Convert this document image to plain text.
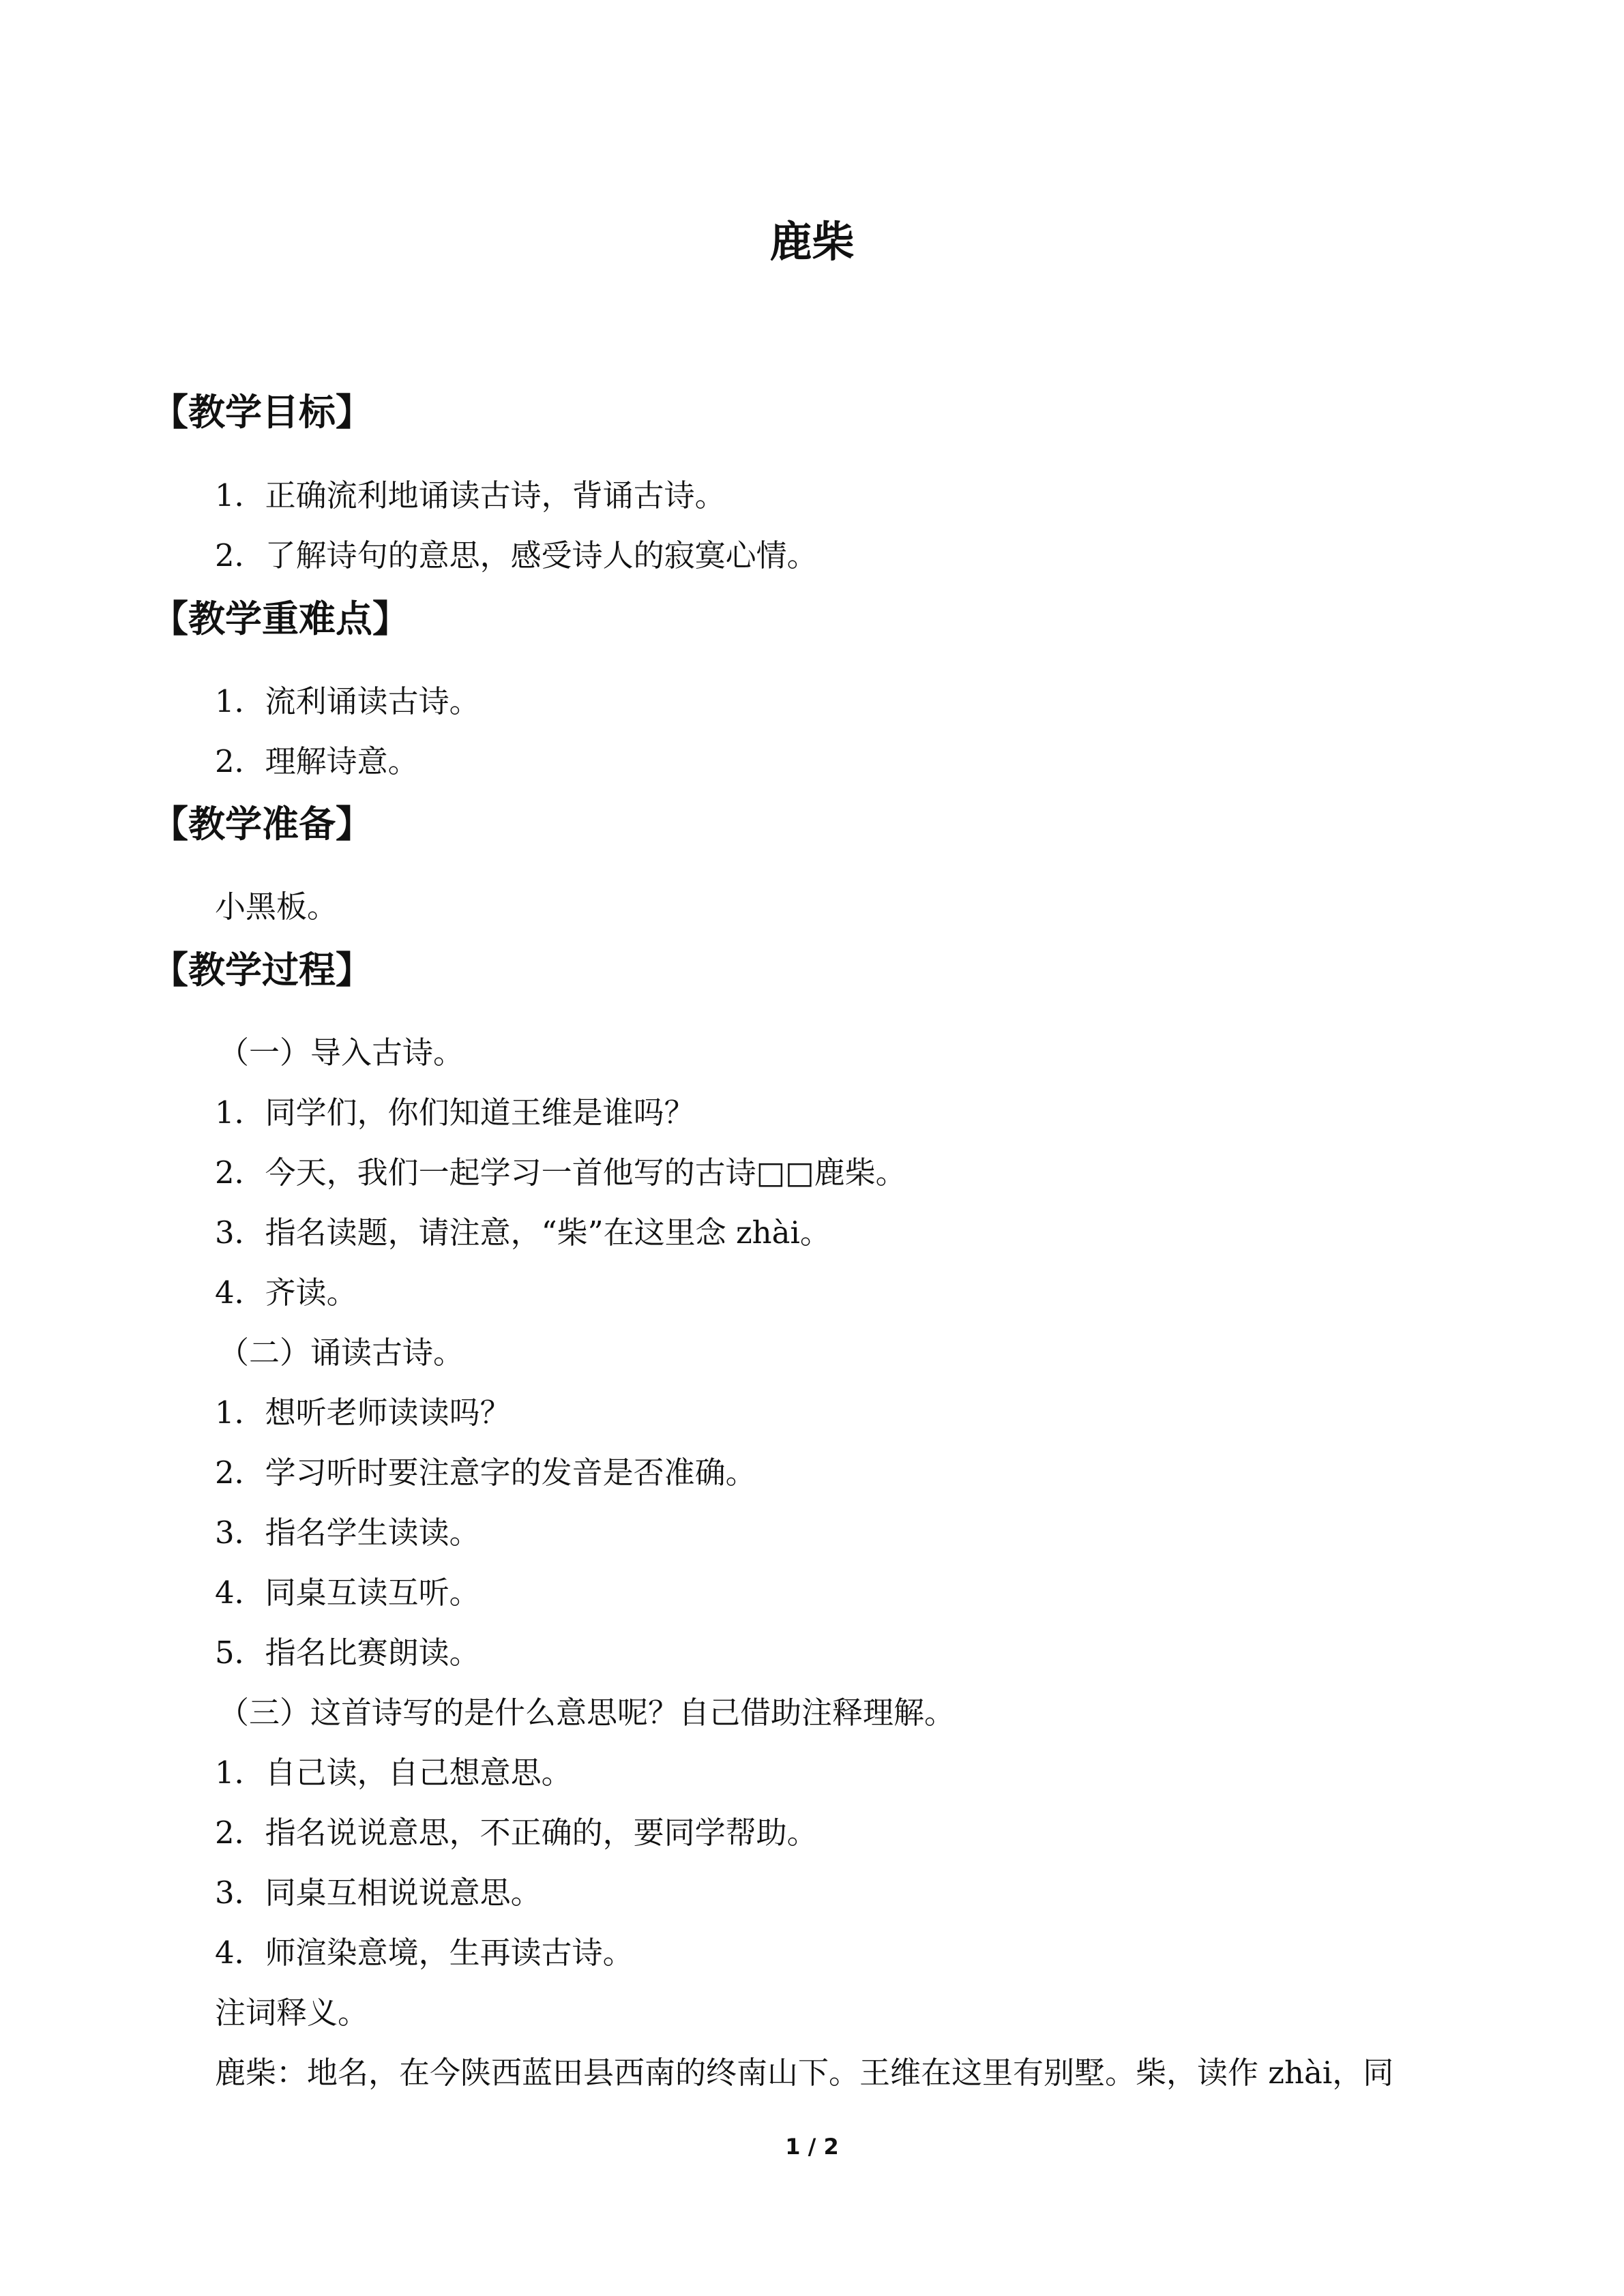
鹿柴
【教学目标】
1．正确流利地诵读古诗，背诵古诗。
2．了解诗句的意思，感受诗人的寂寞心情。
【教学重难点】
1．流利诵读古诗。
2．理解诗意。
【教学准备】
小黑板。
【教学过程】
（一）导入古诗。
1．同学们，你们知道王维是谁吗？
2．今天，我们一起学习一首他写的古诗□□鹿柴。
3．指名读题，请注意，“柴”在这里念 zhài。
4．齐读。
（二）诵读古诗。
1．想听老师读读吗？
2．学习听时要注意字的发音是否准确。
3．指名学生读读。
4．同桌互读互听。
5．指名比赛朗读。
（三）这首诗写的是什么意思呢？自己借助注释理解。
1．自己读，自己想意思。
2．指名说说意思，不正确的，要同学帮助。
3．同桌互相说说意思。
4．师渲染意境，生再读古诗。
注词释义。
鹿柴：地名，在今陕西蓝田县西南的终南山下。王维在这里有别墅。柴，读作 zhài，同
1 / 2
